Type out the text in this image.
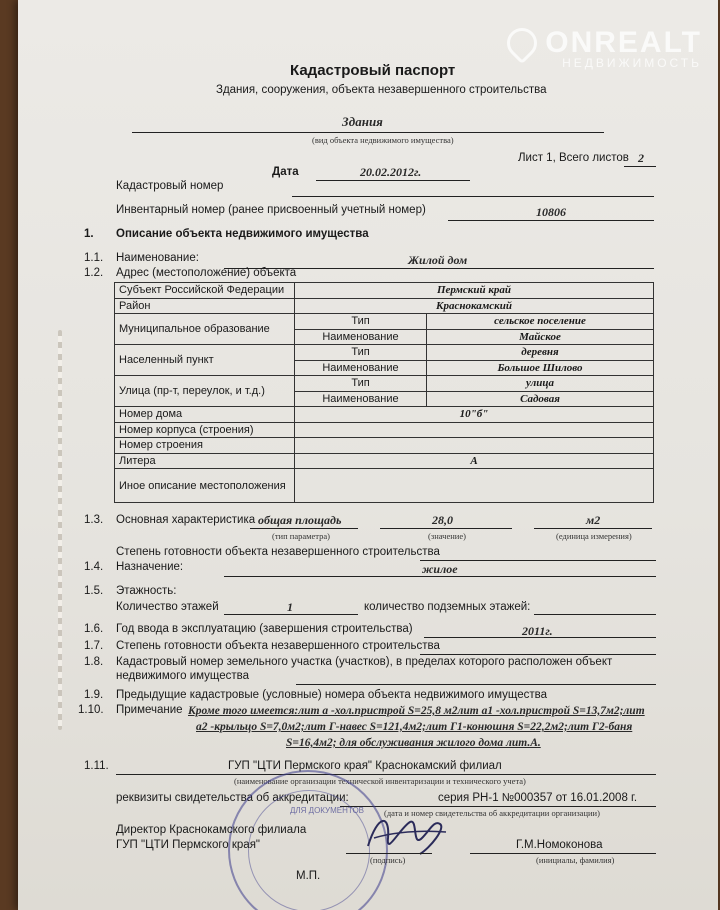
ONREALT
НЕДВИЖИМОСТЬ
Кадастровый паспорт
Здания, сооружения, объекта незавершенного строительства
Здания
(вид объекта недвижимого имущества)
Лист 1, Всего листов 2
Дата	20.02.2012г.
Кадастровый номер
Инвентарный номер (ранее присвоенный учетный номер)	10806
1. Описание объекта недвижимого имущества
1.1. Наименование:	Жилой дом
1.2. Адрес (местоположение) объекта
Субъект Российской Федерации	Пермский край	
Район	Краснокамский	
Муниципальное образование	Тип	сельское поселение
	Наименование	Майское
Населенный пункт	Тип	деревня
	Наименование	Большое Шилово
Улица (пр-т, переулок, и т.д.)	Тип	улица
	Наименование	Садовая
Номер дома	10"б"	
Номер корпуса (строения)		
Номер строения		
Литера	А	
Иное описание местоположения		
1.3. Основная характеристика общая площадь
(тип параметра)
28,0
(значение)
м2
(единица измерения)
Степень готовности объекта незавершенного строительства
1.4. Назначение:	жилое
1.5. Этажность:
Количество этажей	1	количество подземных этажей:
1.6. Год ввода в эксплуатацию (завершения строительства)	2011г.
1.7. Степень готовности объекта незавершенного строительства
1.8. Кадастровый номер земельного участка (участков), в пределах которого расположен объект
недвижимого имущества
1.9. Предыдущие кадастровые (условные) номера объекта недвижимого имущества
1.10. Примечание Кроме того имеется:лит а -хол.пристрой S=25,8 м2лит а1 -хол.пристрой S=13,7м2;лит
а2 -крыльцо S=7,0м2;лит Г-навес S=121,4м2;лит Г1-конюшня S=22,2м2;лит Г2-баня
S=16,4м2; для обслуживания жилого дома лит.А.
1.11.	ГУП "ЦТИ Пермского края" Краснокамский филиал
(наименование организации технической инвентаризации и технического учета)
реквизиты свидетельства об аккредитации:	серия РН-1 №000357 от 16.01.2008 г.
(дата и номер свидетельства об аккредитации организации)
ДЛЯ ДОКУМЕНТОВ
Директор Краснокамского филиала
ГУП "ЦТИ Пермского края"
(подпись)
Г.М.Номоконова
(инициалы, фамилия)
М.П.
